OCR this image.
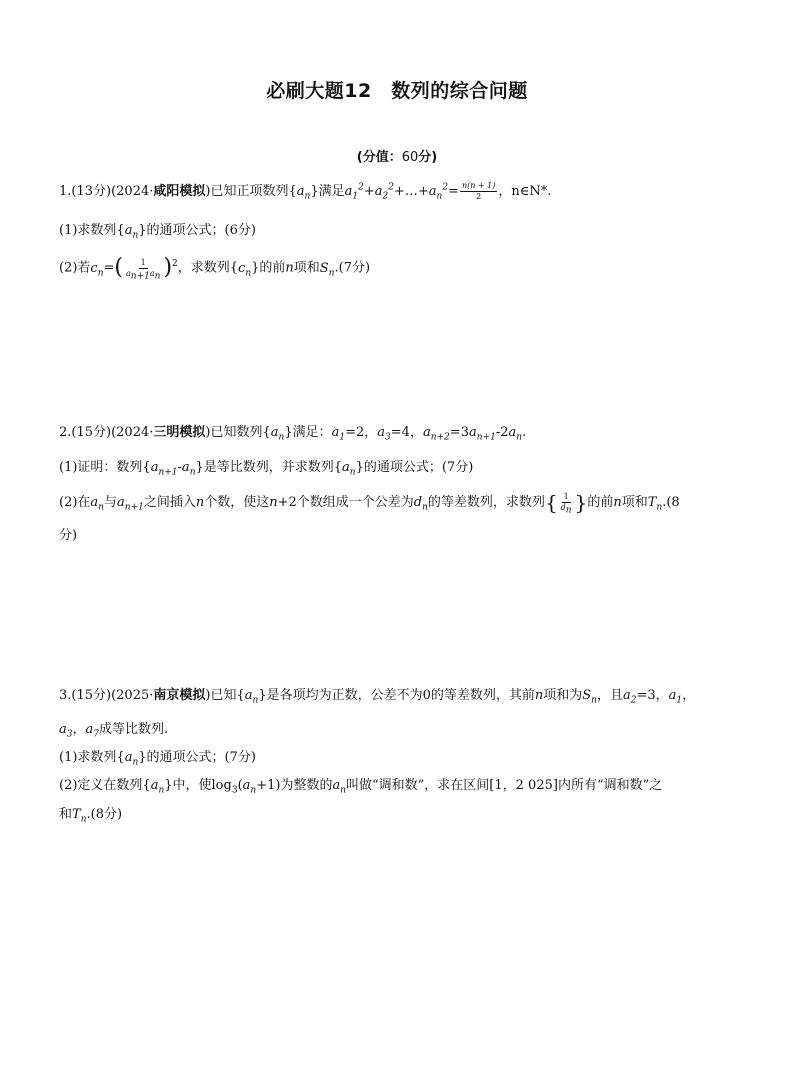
必刷大题12　数列的综合问题
(分值：60分)
1.(13分)(2024·咸阳模拟)已知正项数列$\{a_n\}$满足$a_1^2+a_2^2+\dots+a_n^2= \frac{n(n + 1)}{2}$ ，n∈N*.
(1)求数列$\{a_n\}$的通项公式；(6分)
(2)若$c_n=( \frac{1}{a_{n+1}a_n} )^2$，求数列$\{c_n\}$的前n项和$S_n.(7$分)
2.(15分)(2024·三明模拟)已知数列$\{a_n\}$满足：$a_1=2$，$a_3=4$，$a_{n+2}=3a_{n+1}-2a_n$.
(1)证明：数列$\{a_{n+1}-a_n\}$是等比数列，并求数列$\{a_n\}$的通项公式；(7分)
(2)在$a_n$与$a_{n+1}$之间插入n个数，使这n+2个数组成一个公差为$d_n$的等差数列，求数列{ $\frac{1}{d_n}$ }的前n项和$T_n.(8$
分)
3.(15分)(2025·南京模拟)已知$\{a_n\}$是各项均为正数，公差不为0的等差数列，其前n项和为$S_n$，且$a_2=3$，$a_1$，
$a_3$，$a_7$成等比数列.
(1)求数列$\{a_n\}$的通项公式；(7分)
(2)定义在数列$\{a_n\}$中，使$\log_3(a_n+1)$为整数的$a_n$叫做“调和数”，求在区间[1，2 025]内所有“调和数”之
和$T_n.(8$分)
